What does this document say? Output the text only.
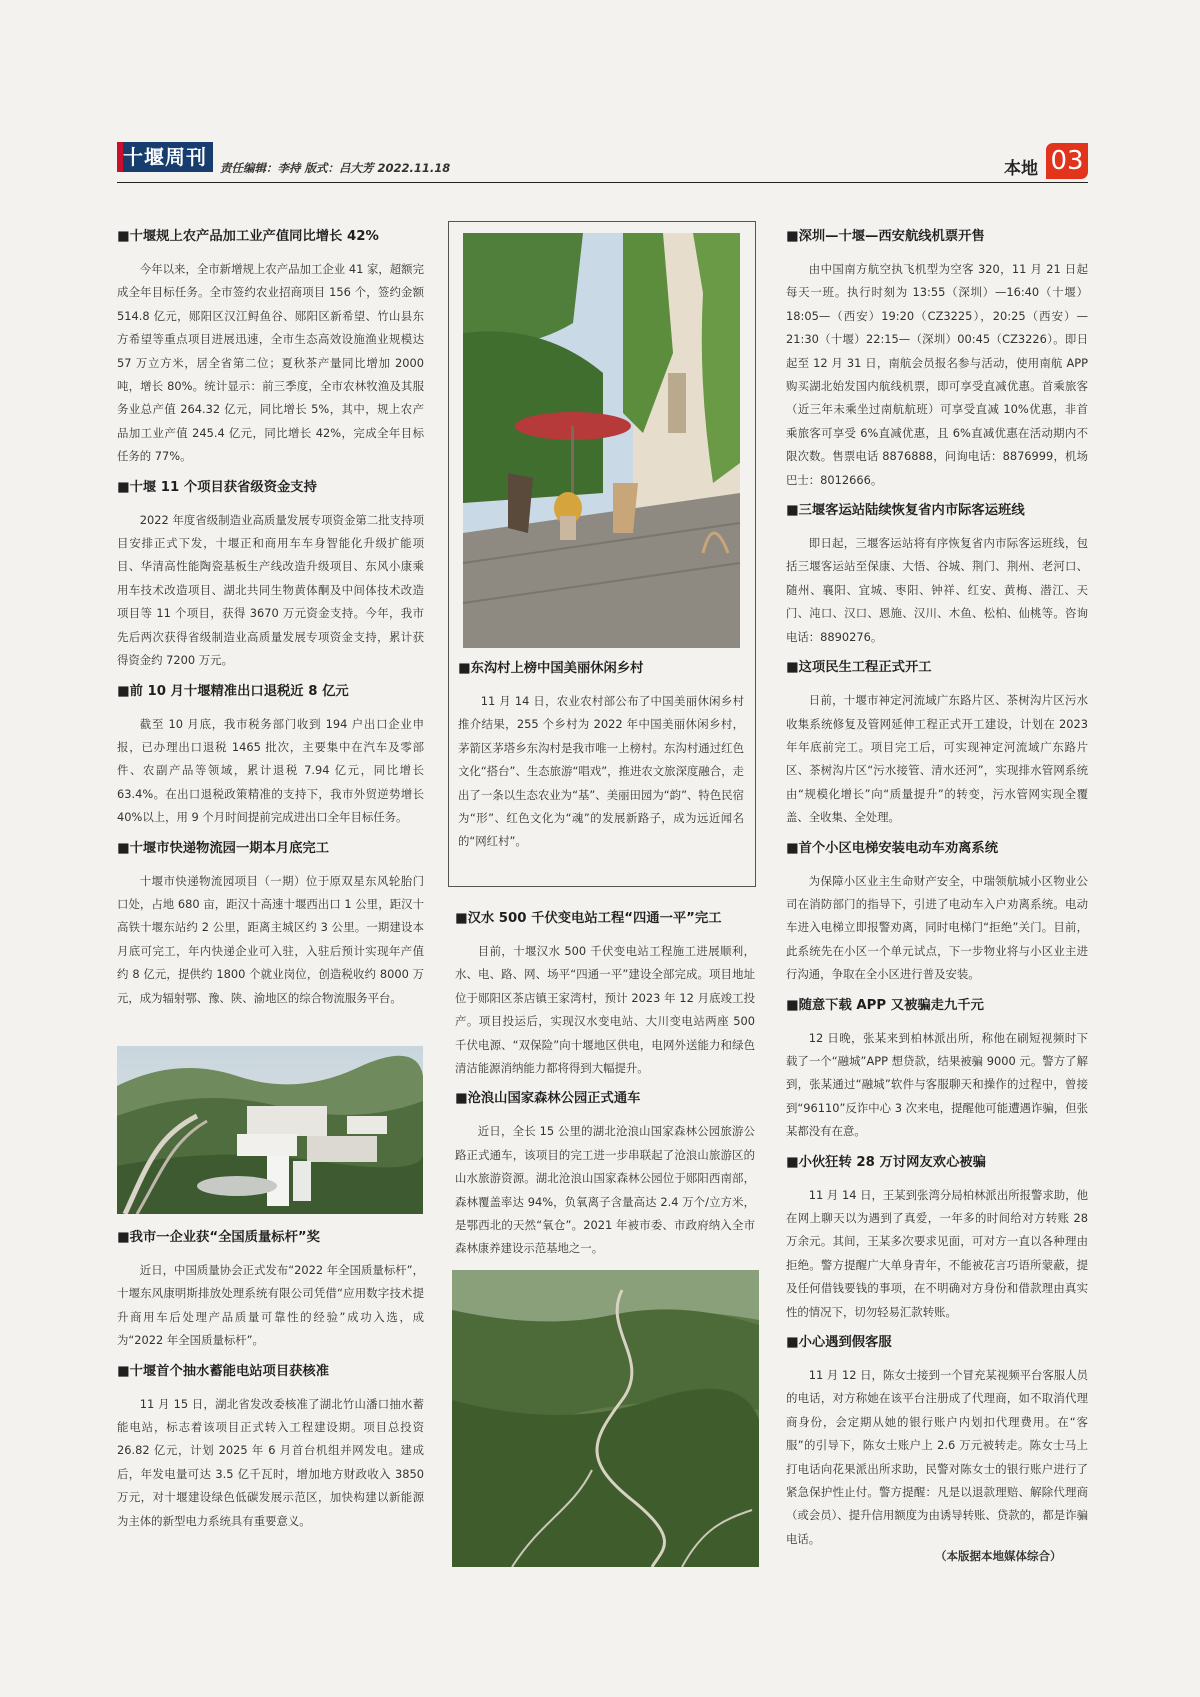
十堰周刊	责任编辑：李持 版式：吕大芳 2022.11.18	本地 03

■十堰规上农产品加工业产值同比增长 42%

今年以来，全市新增规上农产品加工企业 41 家，超额完成全年目标任务。全市签约农业招商项目 156 个，签约金额 514.8 亿元，郧阳区汉江鲟鱼谷、郧阳区新希望、竹山县东方希望等重点项目进展迅速，全市生态高效设施渔业规模达 57 万立方米，居全省第二位；夏秋茶产量同比增加 2000 吨，增长 80%。统计显示：前三季度，全市农林牧渔及其服务业总产值 264.32 亿元，同比增长 5%，其中，规上农产品加工业产值 245.4 亿元，同比增长 42%，完成全年目标任务的 77%。

■十堰 11 个项目获省级资金支持

2022 年度省级制造业高质量发展专项资金第二批支持项目安排正式下发，十堰正和商用车车身智能化升级扩能项目、华清高性能陶瓷基板生产线改造升级项目、东风小康乘用车技术改造项目、湖北共同生物黄体酮及中间体技术改造项目等 11 个项目，获得 3670 万元资金支持。今年，我市先后两次获得省级制造业高质量发展专项资金支持，累计获得资金约 7200 万元。

■前 10 月十堰精准出口退税近 8 亿元

截至 10 月底，我市税务部门收到 194 户出口企业申报，已办理出口退税 1465 批次，主要集中在汽车及零部件、农副产品等领域，累计退税 7.94 亿元，同比增长 63.4%。在出口退税政策精准的支持下，我市外贸逆势增长 40%以上，用 9 个月时间提前完成进出口全年目标任务。

■十堰市快递物流园一期本月底完工

十堰市快递物流园项目（一期）位于原双星东风轮胎门口处，占地 680 亩，距汉十高速十堰西出口 1 公里，距汉十高铁十堰东站约 2 公里，距离主城区约 3 公里。一期建设本月底可完工，年内快递企业可入驻，入驻后预计实现年产值约 8 亿元，提供约 1800 个就业岗位，创造税收约 8000 万元，成为辐射鄂、豫、陕、渝地区的综合物流服务平台。

■我市一企业获“全国质量标杆”奖

近日，中国质量协会正式发布“2022 年全国质量标杆”，十堰东风康明斯排放处理系统有限公司凭借“应用数字技术提升商用车后处理产品质量可靠性的经验”成功入选，成为“2022 年全国质量标杆”。

■十堰首个抽水蓄能电站项目获核准

11 月 15 日，湖北省发改委核准了湖北竹山潘口抽水蓄能电站，标志着该项目正式转入工程建设期。项目总投资 26.82 亿元，计划 2025 年 6 月首台机组并网发电。建成后，年发电量可达 3.5 亿千瓦时，增加地方财政收入 3850 万元，对十堰建设绿色低碳发展示范区，加快构建以新能源为主体的新型电力系统具有重要意义。

■东沟村上榜中国美丽休闲乡村

11 月 14 日，农业农村部公布了中国美丽休闲乡村推介结果，255 个乡村为 2022 年中国美丽休闲乡村，茅箭区茅塔乡东沟村是我市唯一上榜村。东沟村通过红色文化“搭台”、生态旅游“唱戏”，推进农文旅深度融合，走出了一条以生态农业为“基”、美丽田园为“韵”、特色民宿为“形”、红色文化为“魂”的发展新路子，成为远近闻名的“网红村”。

■汉水 500 千伏变电站工程“四通一平”完工

目前，十堰汉水 500 千伏变电站工程施工进展顺利，水、电、路、网、场平“四通一平”建设全部完成。项目地址位于郧阳区茶店镇王家湾村，预计 2023 年 12 月底竣工投产。项目投运后，实现汉水变电站、大川变电站两座 500 千伏电源、“双保险”向十堰地区供电，电网外送能力和绿色清洁能源消纳能力都将得到大幅提升。

■沧浪山国家森林公园正式通车

近日，全长 15 公里的湖北沧浪山国家森林公园旅游公路正式通车，该项目的完工进一步串联起了沧浪山旅游区的山水旅游资源。湖北沧浪山国家森林公园位于郧阳西南部，森林覆盖率达 94%，负氧离子含量高达 2.4 万个/立方米，是鄂西北的天然“氧仓”。2021 年被市委、市政府纳入全市森林康养建设示范基地之一。

■深圳—十堰—西安航线机票开售

由中国南方航空执飞机型为空客 320，11 月 21 日起每天一班。执行时刻为 13:55（深圳）—16:40（十堰）18:05—（西安）19:20（CZ3225），20:25（西安）—21:30（十堰）22:15—（深圳）00:45（CZ3226）。即日起至 12 月 31 日，南航会员报名参与活动，使用南航 APP 购买湖北始发国内航线机票，即可享受直减优惠。首乘旅客（近三年未乘坐过南航航班）可享受直减 10%优惠，非首乘旅客可享受 6%直减优惠，且 6%直减优惠在活动期内不限次数。售票电话 8876888，问询电话：8876999，机场巴士：8012666。

■三堰客运站陆续恢复省内市际客运班线

即日起，三堰客运站将有序恢复省内市际客运班线，包括三堰客运站至保康、大悟、谷城、荆门、荆州、老河口、随州、襄阳、宜城、枣阳、钟祥、红安、黄梅、潜江、天门、沌口、汉口、恩施、汉川、木鱼、松柏、仙桃等。咨询电话：8890276。

■这项民生工程正式开工

日前，十堰市神定河流域广东路片区、茶树沟片区污水收集系统修复及管网延伸工程正式开工建设，计划在 2023 年年底前完工。项目完工后，可实现神定河流域广东路片区、茶树沟片区“污水接管、清水还河”，实现排水管网系统由“规模化增长”向“质量提升”的转变，污水管网实现全覆盖、全收集、全处理。

■首个小区电梯安装电动车劝离系统

为保障小区业主生命财产安全，中瑞领航城小区物业公司在消防部门的指导下，引进了电动车入户劝离系统。电动车进入电梯立即报警劝离，同时电梯门“拒绝”关门。目前，此系统先在小区一个单元试点，下一步物业将与小区业主进行沟通，争取在全小区进行普及安装。

■随意下载 APP 又被骗走九千元

12 日晚，张某来到柏林派出所，称他在刷短视频时下载了一个“融城”APP 想贷款，结果被骗 9000 元。警方了解到，张某通过“融城”软件与客服聊天和操作的过程中，曾接到“96110”反诈中心 3 次来电，提醒他可能遭遇诈骗，但张某都没有在意。

■小伙狂转 28 万讨网友欢心被骗

11 月 14 日，王某到张湾分局柏林派出所报警求助，他在网上聊天以为遇到了真爱，一年多的时间给对方转账 28 万余元。其间，王某多次要求见面，可对方一直以各种理由拒绝。警方提醒广大单身青年，不能被花言巧语所蒙蔽，提及任何借钱要钱的事项，在不明确对方身份和借款理由真实性的情况下，切勿轻易汇款转账。

■小心遇到假客服

11 月 12 日，陈女士接到一个冒充某视频平台客服人员的电话，对方称她在该平台注册成了代理商，如不取消代理商身份，会定期从她的银行账户内划扣代理费用。在“客服”的引导下，陈女士账户上 2.6 万元被转走。陈女士马上打电话向花果派出所求助，民警对陈女士的银行账户进行了紧急保护性止付。警方提醒：凡是以退款理赔、解除代理商（或会员）、提升信用额度为由诱导转账、贷款的，都是诈骗电话。

（本版据本地媒体综合）
